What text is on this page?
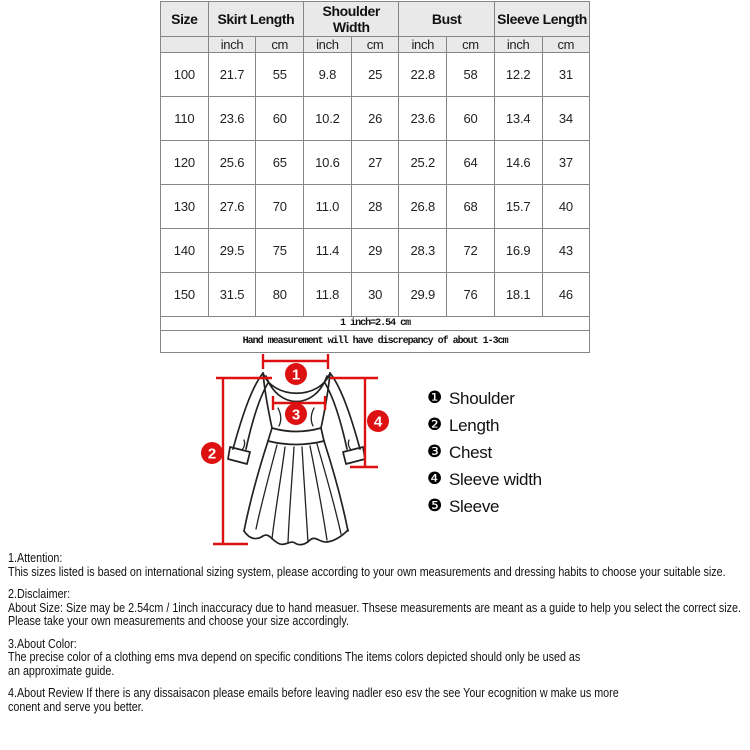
Size	Skirt Length		Shoulder Width		Bust		Sleeve Length	
	inch	cm	inch	cm	inch	cm	inch	cm
100	21.7	55	9.8	25	22.8	58	12.2	31
110	23.6	60	10.2	26	23.6	60	13.4	34
120	25.6	65	10.6	27	25.2	64	14.6	37
130	27.6	70	11.0	28	26.8	68	15.7	40
140	29.5	75	11.4	29	28.3	72	16.9	43
150	31.5	80	11.8	30	29.9	76	18.1	46
1 inch=2.54 cm								
Hand measurement will have discrepancy of about 1-3cm								
1
2
3	4
❶ Shoulder
❷ Length
❸ Chest
❹ Sleeve width
❺ Sleeve
1.Attention:
This sizes listed is based on international sizing system, please according to your own measurements and dressing habits to choose your suitable size.
2.Disclaimer:
About Size: Size may be 2.54cm / 1inch inaccuracy due to hand measuer. Thsese measurements are meant as a guide to help you select the correct size.
Please take your own measurements and choose your size accordingly.
3.About Color:
The precise color of a clothing ems mva depend on specific conditions The items colors depicted should only be used as
an approximate guide.
4.About Review If there is any dissaisacon please emails before leaving nadler eso esv the see Your ecognition w make us more
conent and serve you better.
